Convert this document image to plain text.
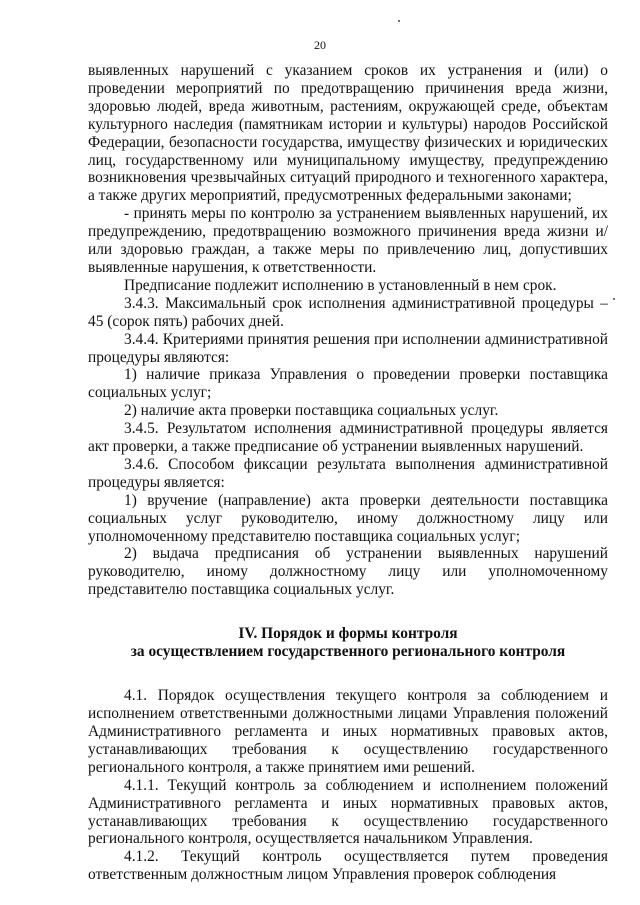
20

выявленных нарушений с указанием сроков их устранения и (или) о проведении мероприятий по предотвращению причинения вреда жизни, здоровью людей, вреда животным, растениям, окружающей среде, объектам культурного наследия (памятникам истории и культуры) народов Российской Федерации, безопасности государства, имуществу физических и юридических лиц, государственному или муниципальному имуществу, предупреждению возникновения чрезвычайных ситуаций природного и техногенного характера, а также других мероприятий, предусмотренных федеральными законами;

- принять меры по контролю за устранением выявленных нарушений, их предупреждению, предотвращению возможного причинения вреда жизни и/или здоровью граждан, а также меры по привлечению лиц, допустивших выявленные нарушения, к ответственности.

Предписание подлежит исполнению в установленный в нем срок.

3.4.3. Максимальный срок исполнения административной процедуры – 45 (сорок пять) рабочих дней.

3.4.4. Критериями принятия решения при исполнении административной процедуры являются:

1) наличие приказа Управления о проведении проверки поставщика социальных услуг;

2) наличие акта проверки поставщика социальных услуг.

3.4.5. Результатом исполнения административной процедуры является акт проверки, а также предписание об устранении выявленных нарушений.

3.4.6. Способом фиксации результата выполнения административной процедуры является:

1) вручение (направление) акта проверки деятельности поставщика социальных услуг руководителю, иному должностному лицу или уполномоченному представителю поставщика социальных услуг;

2) выдача предписания об устранении выявленных нарушений руководителю, иному должностному лицу или уполномоченному представителю поставщика социальных услуг.

IV. Порядок и формы контроля

за осуществлением государственного регионального контроля

4.1. Порядок осуществления текущего контроля за соблюдением и исполнением ответственными должностными лицами Управления положений Административного регламента и иных нормативных правовых актов, устанавливающих требования к осуществлению государственного регионального контроля, а также принятием ими решений.

4.1.1. Текущий контроль за соблюдением и исполнением положений Административного регламента и иных нормативных правовых актов, устанавливающих требования к осуществлению государственного регионального контроля, осуществляется начальником Управления.

4.1.2. Текущий контроль осуществляется путем проведения ответственным должностным лицом Управления проверок соблюдения
